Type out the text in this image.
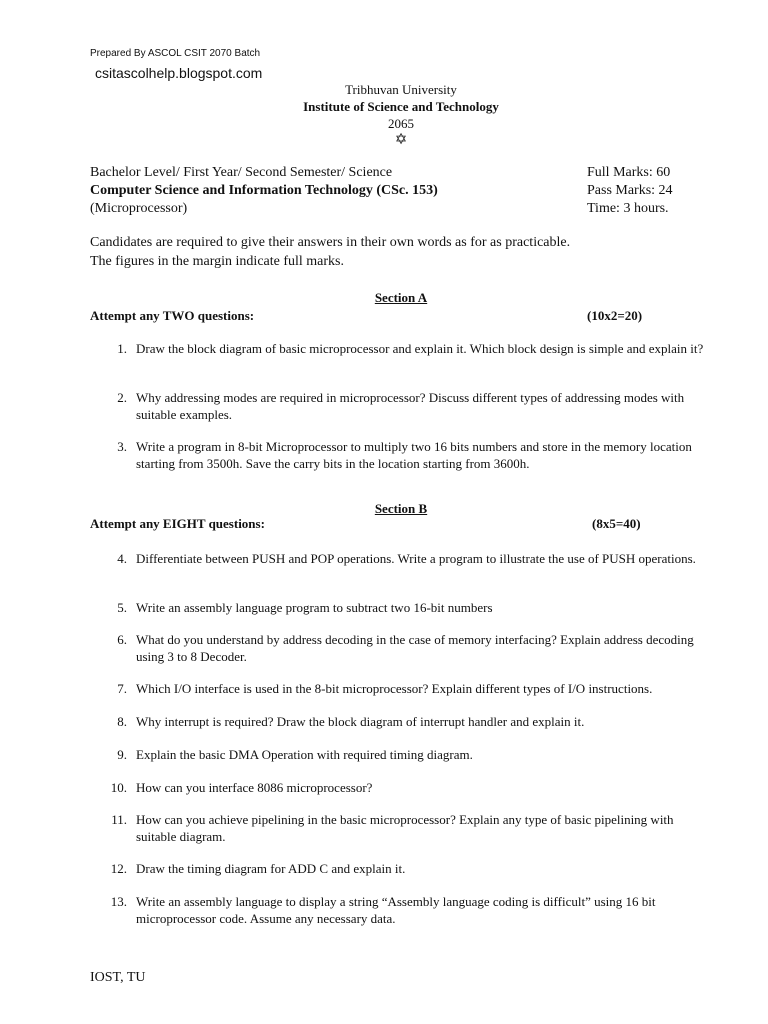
Prepared By ASCOL CSIT 2070 Batch
csitascolhelp.blogspot.com
Tribhuvan University
Institute of Science and Technology
2065
✡
Bachelor Level/ First Year/ Second Semester/ Science
Computer Science and Information Technology (CSc. 153)
(Microprocessor)
Full Marks: 60
Pass Marks: 24
Time: 3 hours.
Candidates are required to give their answers in their own words as for as practicable.
The figures in the margin indicate full marks.
Section A
Attempt any TWO questions:	(10x2=20)
1. Draw the block diagram of basic microprocessor and explain it. Which block design is simple and explain it?
2. Why addressing modes are required in microprocessor? Discuss different types of addressing modes with suitable examples.
3. Write a program in 8-bit Microprocessor to multiply two 16 bits numbers and store in the memory location starting from 3500h. Save the carry bits in the location starting from 3600h.
Section B
Attempt any EIGHT questions:	(8x5=40)
4. Differentiate between PUSH and POP operations. Write a program to illustrate the use of PUSH operations.
5. Write an assembly language program to subtract two 16-bit numbers
6. What do you understand by address decoding in the case of memory interfacing? Explain address decoding using 3 to 8 Decoder.
7. Which I/O interface is used in the 8-bit microprocessor? Explain different types of I/O instructions.
8. Why interrupt is required? Draw the block diagram of interrupt handler and explain it.
9. Explain the basic DMA Operation with required timing diagram.
10. How can you interface 8086 microprocessor?
11. How can you achieve pipelining in the basic microprocessor? Explain any type of basic pipelining with suitable diagram.
12. Draw the timing diagram for ADD C and explain it.
13. Write an assembly language to display a string “Assembly language coding is difficult” using 16 bit microprocessor code. Assume any necessary data.
IOST, TU
